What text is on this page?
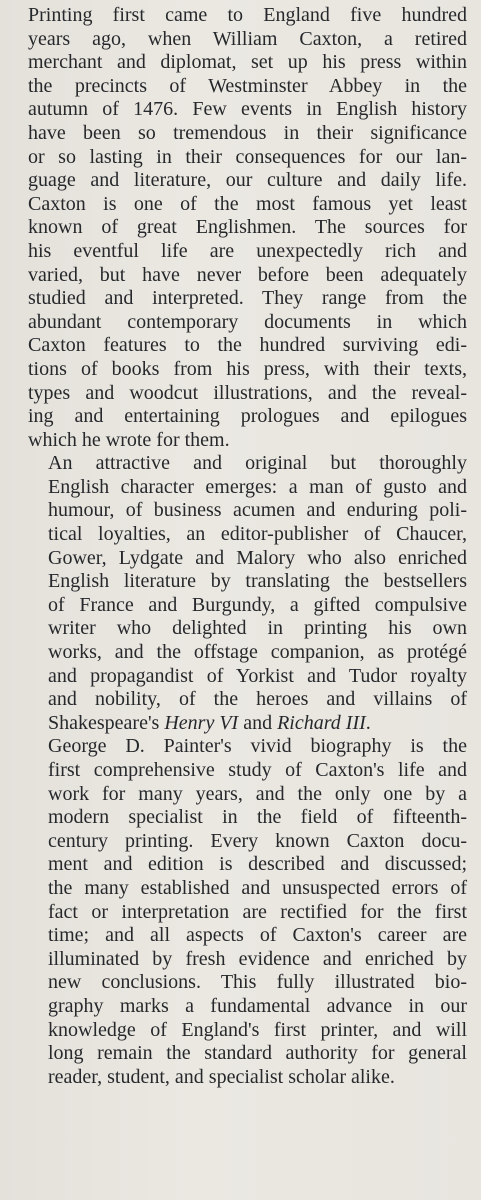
Printing first came to England five hundred
years ago, when William Caxton, a retired
merchant and diplomat, set up his press within
the precincts of Westminster Abbey in the
autumn of 1476. Few events in English history
have been so tremendous in their significance
or so lasting in their consequences for our lan-
guage and literature, our culture and daily life.
Caxton is one of the most famous yet least
known of great Englishmen. The sources for
his eventful life are unexpectedly rich and
varied, but have never before been adequately
studied and interpreted. They range from the
abundant contemporary documents in which
Caxton features to the hundred surviving edi-
tions of books from his press, with their texts,
types and woodcut illustrations, and the reveal-
ing and entertaining prologues and epilogues
which he wrote for them.
An attractive and original but thoroughly
English character emerges: a man of gusto and
humour, of business acumen and enduring poli-
tical loyalties, an editor-publisher of Chaucer,
Gower, Lydgate and Malory who also enriched
English literature by translating the bestsellers
of France and Burgundy, a gifted compulsive
writer who delighted in printing his own
works, and the offstage companion, as protégé
and propagandist of Yorkist and Tudor royalty
and nobility, of the heroes and villains of
Shakespeare's Henry VI and Richard III.
George D. Painter's vivid biography is the
first comprehensive study of Caxton's life and
work for many years, and the only one by a
modern specialist in the field of fifteenth-
century printing. Every known Caxton docu-
ment and edition is described and discussed;
the many established and unsuspected errors of
fact or interpretation are rectified for the first
time; and all aspects of Caxton's career are
illuminated by fresh evidence and enriched by
new conclusions. This fully illustrated bio-
graphy marks a fundamental advance in our
knowledge of England's first printer, and will
long remain the standard authority for general
reader, student, and specialist scholar alike.
